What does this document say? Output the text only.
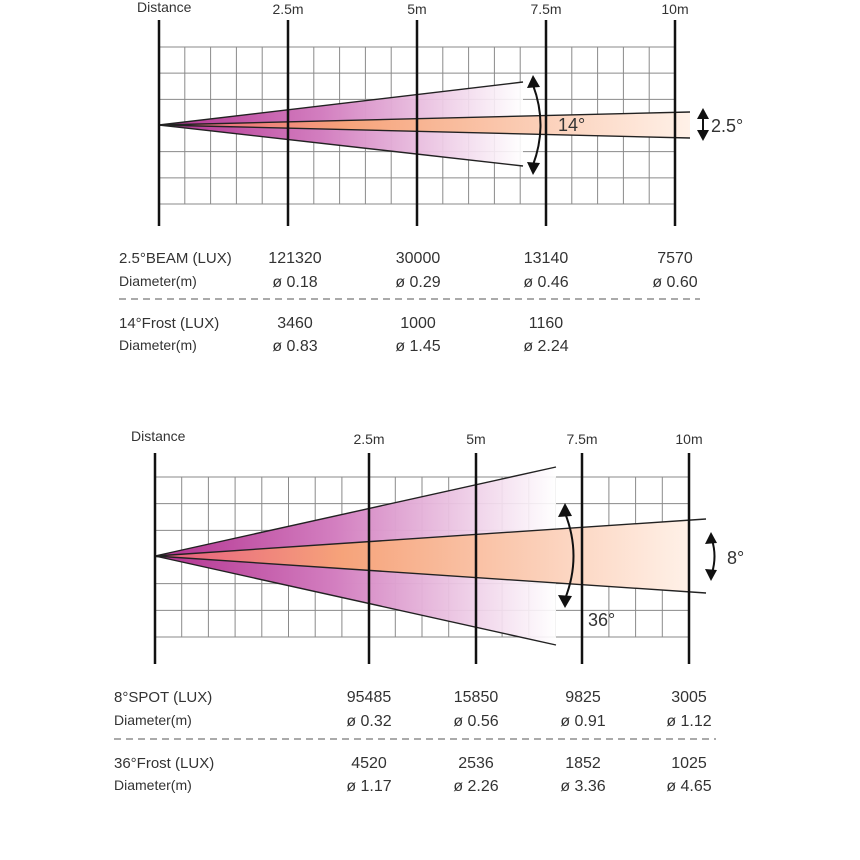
Distance	2.5m	5m	7.5m	10m
14°	2.5°
2.5°BEAM (LUX) 121320	30000	13140	7570
Diameter(m)	ø 0.18	ø 0.29	ø 0.46	ø 0.60
14°Frost (LUX)	3460	1000	1160
Diameter(m)	ø 0.83	ø 1.45	ø 2.24
Distance	2.5m	5m	7.5m	10m
36°
8°
8°SPOT (LUX)	95485	15850	9825	3005
Diameter(m)	ø 0.32	ø 0.56	ø 0.91	ø 1.12
36°Frost (LUX)	4520	2536	1852	1025
Diameter(m)	ø 1.17	ø 2.26	ø 3.36	ø 4.65
